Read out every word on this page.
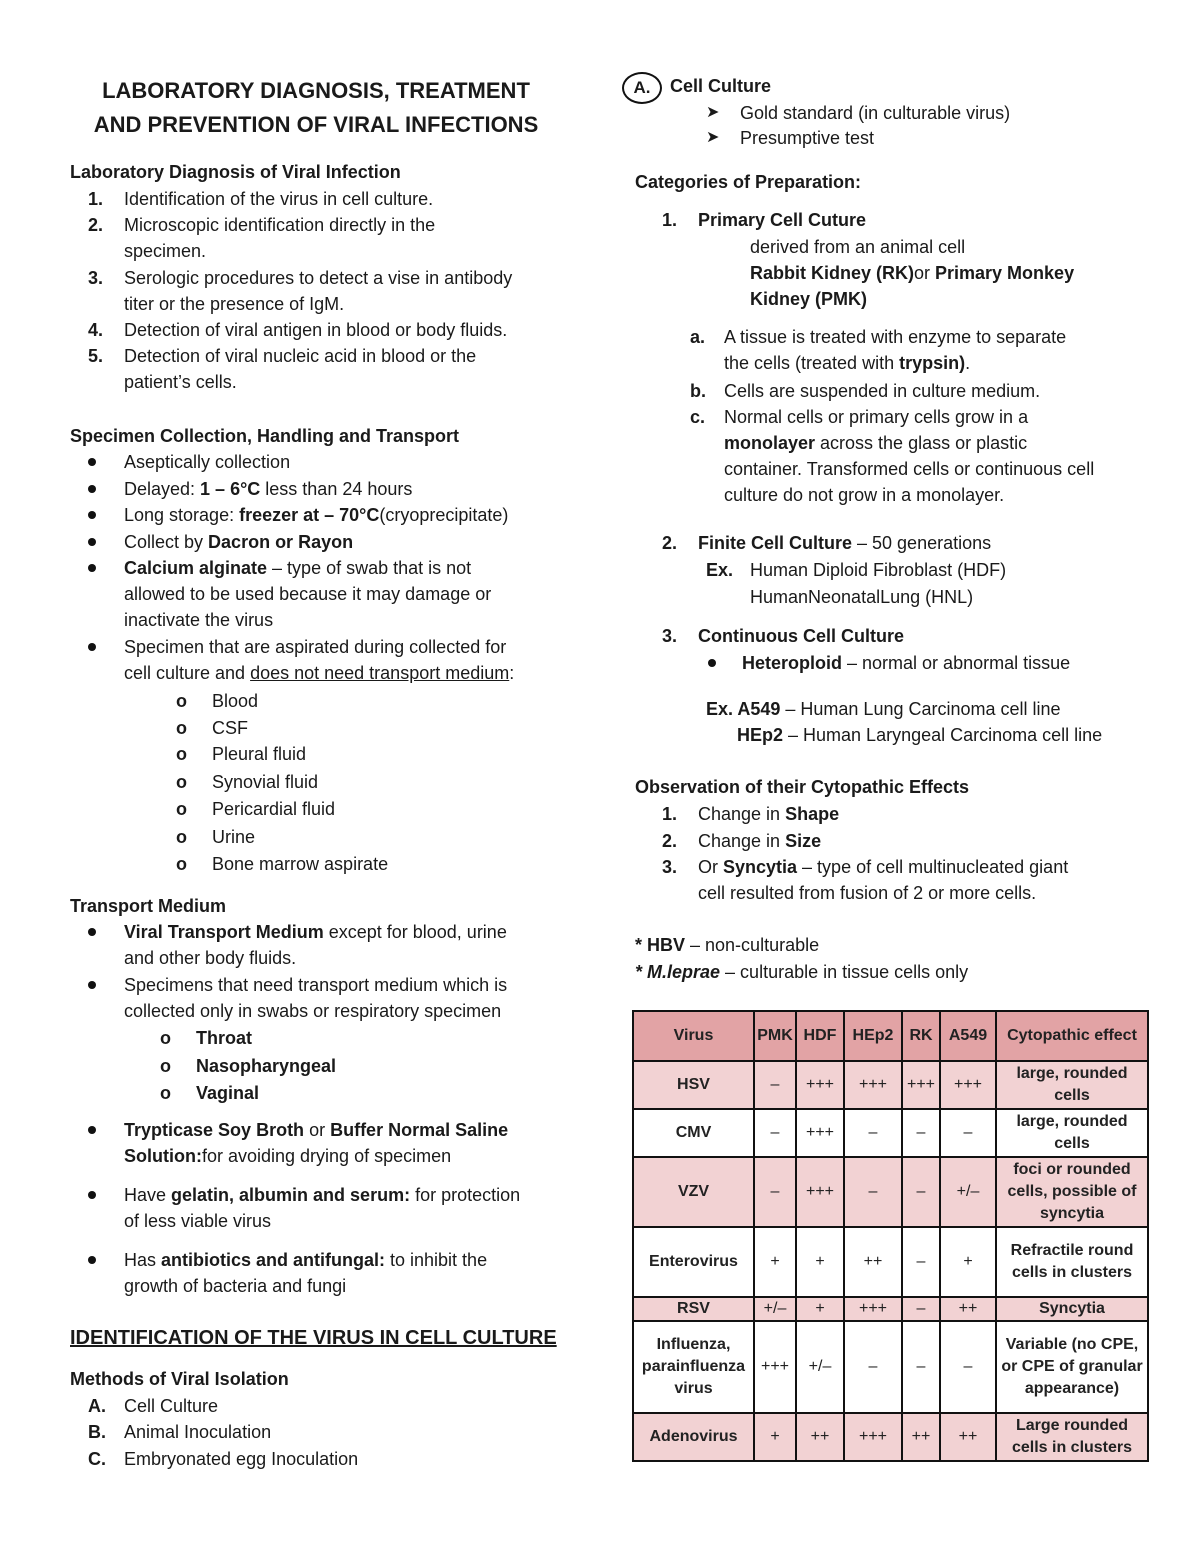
LABORATORY DIAGNOSIS, TREATMENT
AND PREVENTION OF VIRAL INFECTIONS
Laboratory Diagnosis of Viral Infection
1.	Identification of the virus in cell culture.
2.	Microscopic identification directly in the
specimen.
3.	Serologic procedures to detect a vise in antibody
titer or the presence of IgM.
4.	Detection of viral antigen in blood or body fluids.
5.	Detection of viral nucleic acid in blood or the
patient’s cells.
Specimen Collection, Handling and Transport
Aseptically collection
Delayed: 1 – 6°C less than 24 hours
Long storage: freezer at – 70°C(cryoprecipitate)
Collect by Dacron or Rayon
Calcium alginate – type of swab that is not
allowed to be used because it may damage or
inactivate the virus
Specimen that are aspirated during collected for
cell culture and does not need transport medium:
o	Blood
o	CSF
o	Pleural fluid
o	Synovial fluid
o	Pericardial fluid
o	Urine
o	Bone marrow aspirate
Transport Medium
Viral Transport Medium except for blood, urine
and other body fluids.
Specimens that need transport medium which is
collected only in swabs or respiratory specimen
o	Throat
o	Nasopharyngeal
o	Vaginal
Trypticase Soy Broth or Buffer Normal Saline
Solution:for avoiding drying of specimen
Have gelatin, albumin and serum: for protection
of less viable virus
Has antibiotics and antifungal: to inhibit the
growth of bacteria and fungi
IDENTIFICATION OF THE VIRUS IN CELL CULTURE
Methods of Viral Isolation
A.	Cell Culture
B.	Animal Inoculation
C.	Embryonated egg Inoculation
A.	Cell Culture
➤	Gold standard (in culturable virus)
➤	Presumptive test
Categories of Preparation:
1.	Primary Cell Cuture
derived from an animal cell
Rabbit Kidney (RK)or Primary Monkey
Kidney (PMK)
a.	A tissue is treated with enzyme to separate
the cells (treated with trypsin).
b.	Cells are suspended in culture medium.
c.	Normal cells or primary cells grow in a
monolayer across the glass or plastic
container. Transformed cells or continuous cell
culture do not grow in a monolayer.
2.	Finite Cell Culture – 50 generations
Ex. Human Diploid Fibroblast (HDF)
HumanNeonatalLung (HNL)
3.	Continuous Cell Culture
Heteroploid – normal or abnormal tissue
Ex. A549 – Human Lung Carcinoma cell line
HEp2 – Human Laryngeal Carcinoma cell line
Observation of their Cytopathic Effects
1.	Change in Shape
2.	Change in Size
3.	Or Syncytia – type of cell multinucleated giant
cell resulted from fusion of 2 or more cells.
* HBV – non-culturable
* M.leprae – culturable in tissue cells only
Virus	PMK	HDF	HEp2	RK	A549	Cytopathic effect
HSV	–	+++	+++	+++	+++	large, rounded cells
CMV	–	+++	–	–	–	large, rounded cells
VZV	–	+++	–	–	+/–	foci or rounded cells, possible of syncytia
Enterovirus	+	+	++	–	+	Refractile round cells in clusters
RSV	+/–	+	+++	–	++	Syncytia
Influenza, parainfluenza virus	+++	+/–	–	–	–	Variable (no CPE, or CPE of granular appearance)
Adenovirus	+	++	+++	++	++	Large rounded cells in clusters
